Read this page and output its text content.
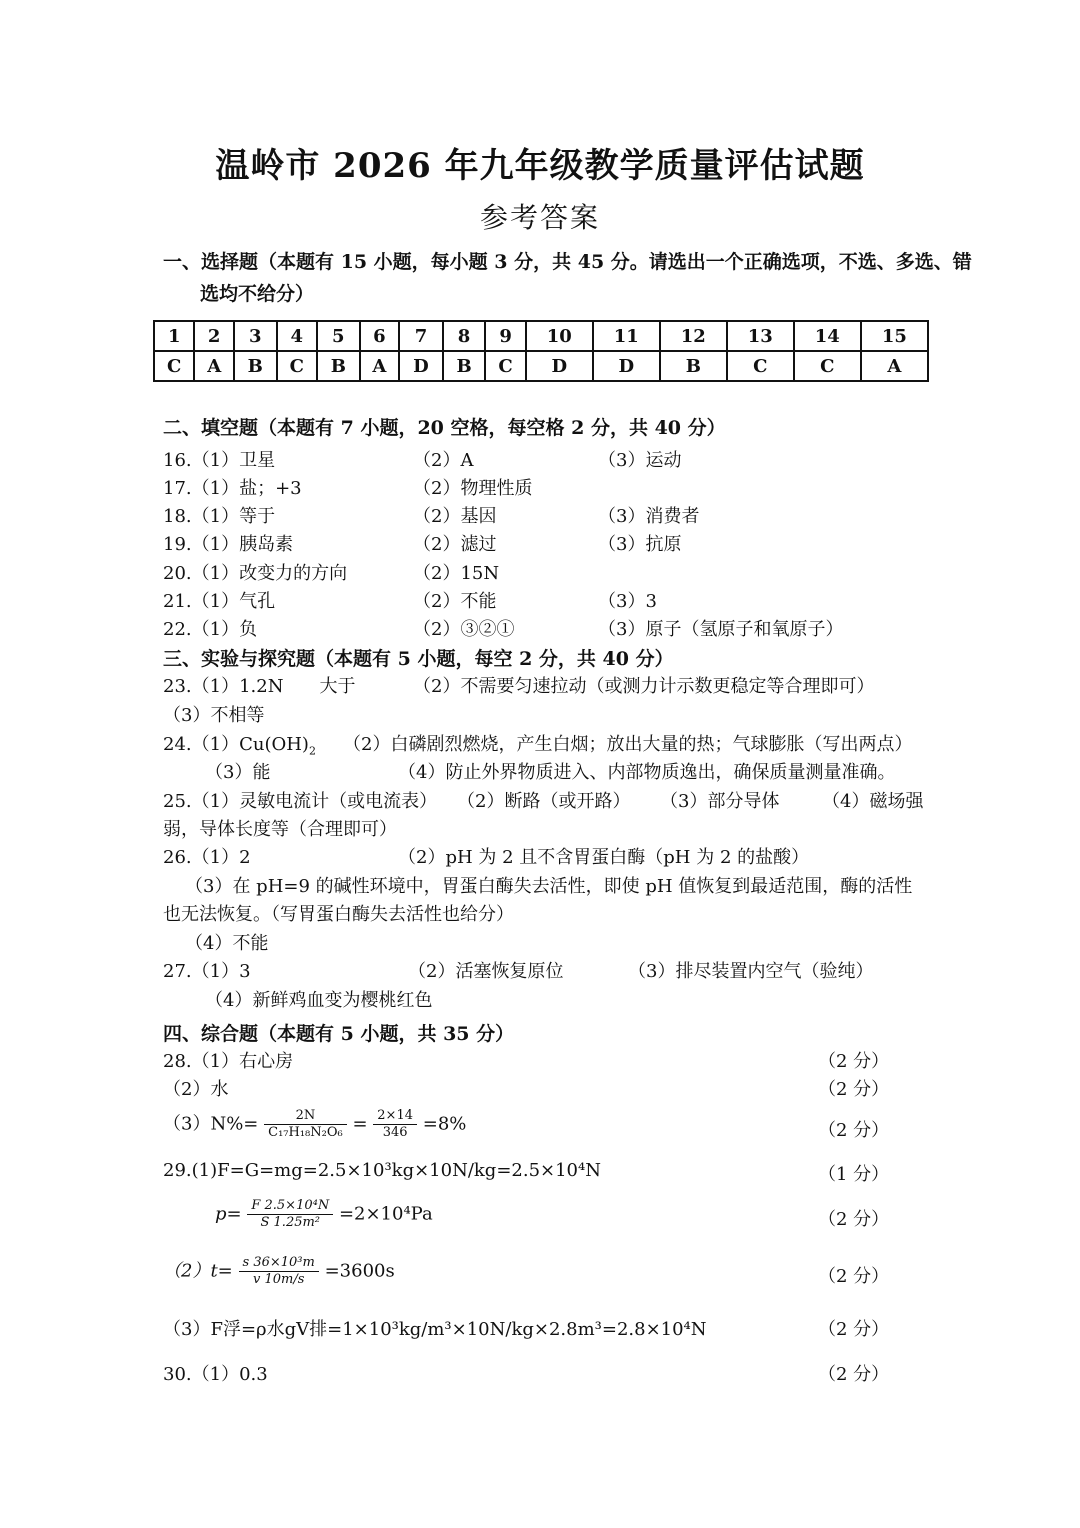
温岭市 2026 年九年级教学质量评估试题
参考答案
一、选择题（本题有 15 小题，每小题 3 分，共 45 分。请选出一个正确选项，不选、多选、错
选均不给分）
1	2	3	4	5	6	7	8	9	10	11	12	13	14	15
C	A	B	C	B	A	D	B	C	D	D	B	C	C	A
二、填空题（本题有 7 小题，20 空格，每空格 2 分，共 40 分）
16.（1）卫星	（2）A	（3）运动
17.（1）盐；+3	（2）物理性质
18.（1）等于	（2）基因	（3）消费者
19.（1）胰岛素	（2）滤过	（3）抗原
20.（1）改变力的方向	（2）15N
21.（1）气孔	（2）不能	（3）3
22.（1）负	（2）③②①	（3）原子（氢原子和氧原子）
三、实验与探究题（本题有 5 小题，每空 2 分，共 40 分）
23.（1）1.2N　　大于	（2）不需要匀速拉动（或测力计示数更稳定等合理即可）
（3）不相等
$24.(1)Cu(OH)_2$ （2）白磷剧烈燃烧，产生白烟；放出大量的热；气球膨胀（写出两点）
（3）能	（4）防止外界物质进入、内部物质逸出，确保质量测量准确。
25.（1）灵敏电流计（或电流表） （2）断路（或开路） （3）部分导体 （4）磁场强
弱，导体长度等（合理即可）
26.（1）2	（2）pH 为 2 且不含胃蛋白酶（pH 为 2 的盐酸）
（3）在 pH=9 的碱性环境中，胃蛋白酶失去活性，即使 pH 值恢复到最适范围，酶的活性
也无法恢复。（写胃蛋白酶失去活性也给分）
（4）不能
27.（1）3	（2）活塞恢复原位	（3）排尽装置内空气（验纯）
（4）新鲜鸡血变为樱桃红色
四、综合题（本题有 5 小题，共 35 分）
28.（1）右心房	（2 分）
（2）水	（2 分）
$(3)N\%= \frac{2N}{\text{C₁₇H₁₈N₂O₆}} = \frac{2\times 14}{346} =8\%$	（2 分）
29.(1)F=G=mg=2.5×10³kg×10N/kg=2.5×10⁴N	（1 分）
$p= \frac{\text{F 2.5×10⁴N}}{\text{S 1.25m²}} =2\times 10^4Pa$	（2 分）
$(2)t= \frac{\text{s 36×10³m}}{v 10m/s} =3600s$	（2 分）
（3）F浮=ρ水gV排=1×10³kg/m³×10N/kg×2.8m³=2.8×10⁴N	（2 分）
30.（1）0.3	（2 分）
